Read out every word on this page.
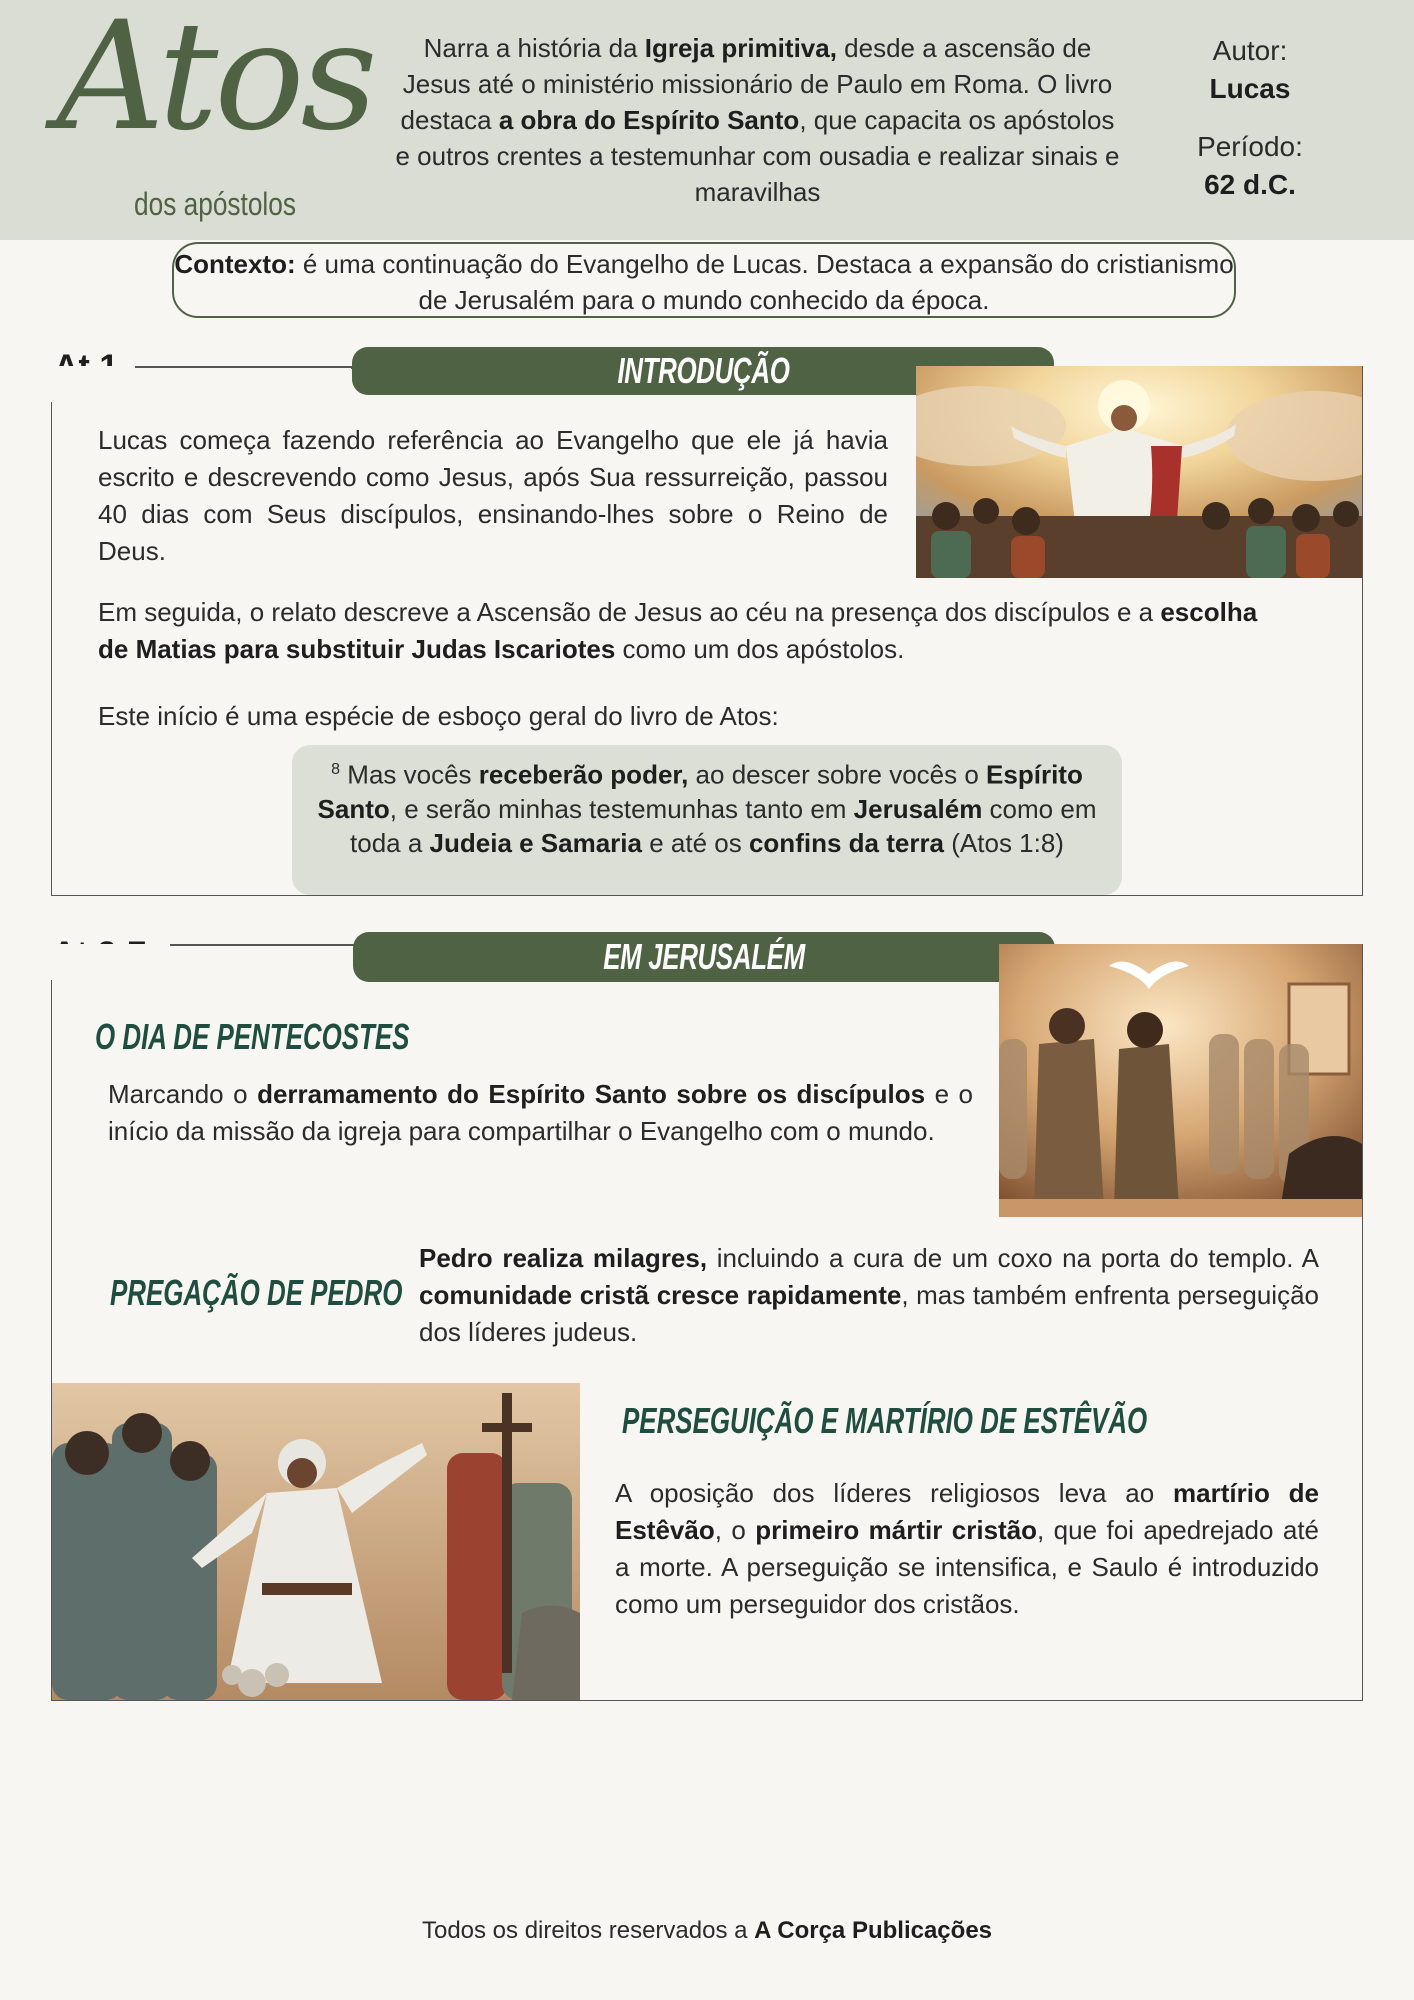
Atos
dos apóstolos
Narra a história da Igreja primitiva, desde a ascensão de Jesus até o ministério missionário de Paulo em Roma. O livro destaca a obra do Espírito Santo, que capacita os apóstolos e outros crentes a testemunhar com ousadia e realizar sinais e maravilhas
Autor:
Lucas
Período:
62 d.C.
Contexto: é uma continuação do Evangelho de Lucas. Destaca a expansão do cristianismo de Jerusalém para o mundo conhecido da época.
INTRODUÇÃO
Lucas começa fazendo referência ao Evangelho que ele já havia escrito e descrevendo como Jesus, após Sua ressurreição, passou 40 dias com Seus discípulos, ensinando-lhes sobre o Reino de Deus.
Em seguida, o relato descreve a Ascensão de Jesus ao céu na presença dos discípulos e a escolha de Matias para substituir Judas Iscariotes como um dos apóstolos.
Este início é uma espécie de esboço geral do livro de Atos:
$^8$ Mas vocês receberão poder, ao descer sobre vocês o Espírito Santo, e serão minhas testemunhas tanto em Jerusalém como em toda a Judeia e Samaria e até os confins da terra (Atos 1:8)
EM JERUSALÉM
O DIA DE PENTECOSTES
Marcando o derramamento do Espírito Santo sobre os discípulos e o início da missão da igreja para compartilhar o Evangelho com o mundo.
PREGAÇÃO DE PEDRO
Pedro realiza milagres, incluindo a cura de um coxo na porta do templo. A comunidade cristã cresce rapidamente, mas também enfrenta perseguição dos líderes judeus.
PERSEGUIÇÃO E MARTÍRIO DE ESTÊVÃO
A oposição dos líderes religiosos leva ao martírio de Estêvão, o primeiro mártir cristão, que foi apedrejado até a morte. A perseguição se intensifica, e Saulo é introduzido como um perseguidor dos cristãos.
Todos os direitos reservados a A Corça Publicações
